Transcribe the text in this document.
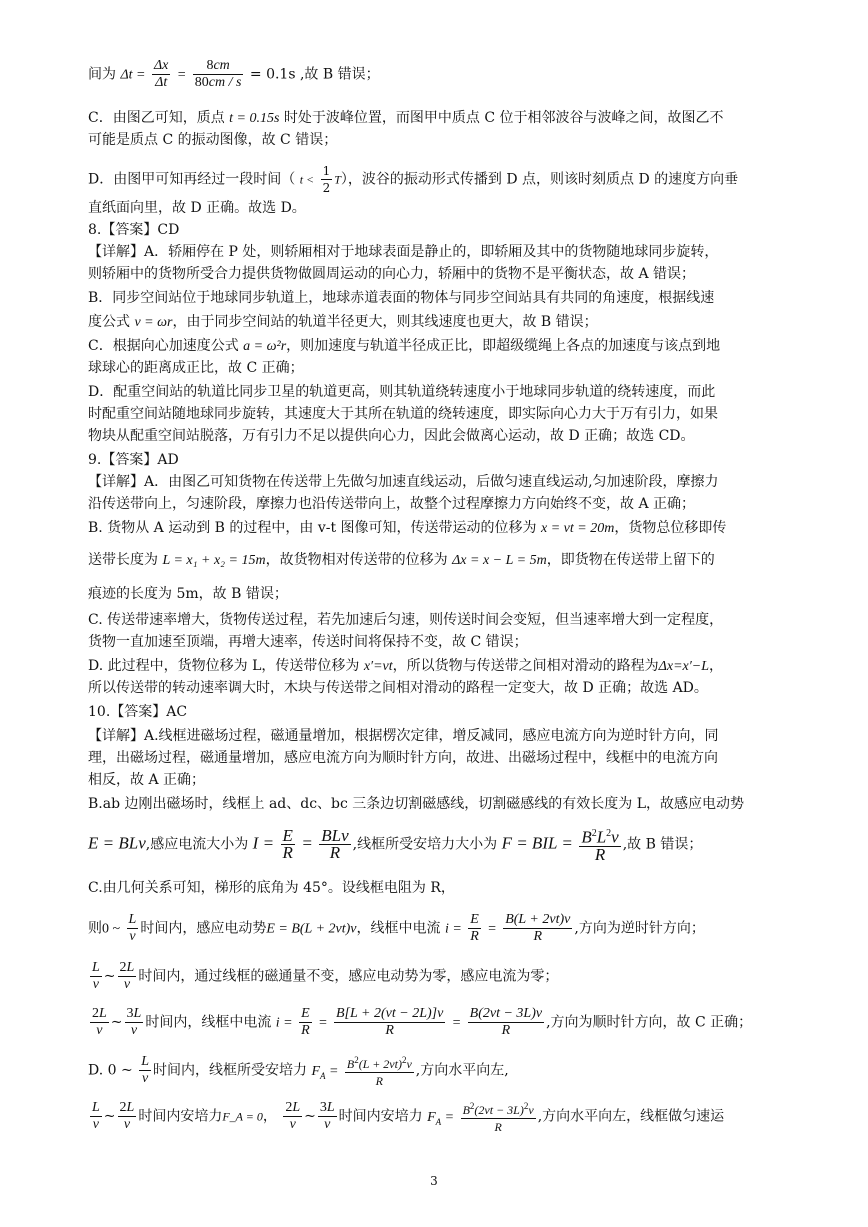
间为 $\Delta t = \frac{\Delta x}{\Delta t} = \frac{8cm}{80cm / s} = 0.1s$ ,故 B 错误；
C．由图乙可知，质点 t = 0.15s 时处于波峰位置，而图甲中质点 C 位于相邻波谷与波峰之间，故图乙不
可能是质点 C 的振动图像，故 C 错误；
D．由图甲可知再经过一段时间（ $t < \frac{1}{2} T$），波谷的振动形式传播到 D 点，则该时刻质点 D 的速度方向垂
直纸面向里，故 D 正确。故选 D。
8.【答案】CD
【详解】A．轿厢停在 P 处，则轿厢相对于地球表面是静止的，即轿厢及其中的货物随地球同步旋转，
则轿厢中的货物所受合力提供货物做圆周运动的向心力，轿厢中的货物不是平衡状态，故 A 错误；
B．同步空间站位于地球同步轨道上，地球赤道表面的物体与同步空间站具有共同的角速度，根据线速
度公式 v = ωr，由于同步空间站的轨道半径更大，则其线速度也更大，故 B 错误；
C．根据向心加速度公式 a = ω²r，则加速度与轨道半径成正比，即超级缆绳上各点的加速度与该点到地
球球心的距离成正比，故 C 正确；
D．配重空间站的轨道比同步卫星的轨道更高，则其轨道绕转速度小于地球同步轨道的绕转速度，而此
时配重空间站随地球同步旋转，其速度大于其所在轨道的绕转速度，即实际向心力大于万有引力，如果
物块从配重空间站脱落，万有引力不足以提供向心力，因此会做离心运动，故 D 正确；故选 CD。
9.【答案】AD
【详解】A．由图乙可知货物在传送带上先做匀加速直线运动，后做匀速直线运动,匀加速阶段，摩擦力
沿传送带向上，匀速阶段，摩擦力也沿传送带向上，故整个过程摩擦力方向始终不变，故 A 正确；
B. 货物从 A 运动到 B 的过程中，由 v-t 图像可知，传送带运动的位移为 x = vt = 20m，货物总位移即传
送带长度为 L = x₁ + x₂ = 15m，故货物相对传送带的位移为 Δx = x − L = 5m，即货物在传送带上留下的
痕迹的长度为 5m，故 B 错误；
C. 传送带速率增大，货物传送过程，若先加速后匀速，则传送时间会变短，但当速率增大到一定程度，
货物一直加速至顶端，再增大速率，传送时间将保持不变，故 C 错误；
D. 此过程中，货物位移为 L，传送带位移为 x′=vt，所以货物与传送带之间相对滑动的路程为Δx=x′−L，
所以传送带的转动速率调大时，木块与传送带之间相对滑动的路程一定变大，故 D 正确；故选 AD。
10.【答案】AC
【详解】A.线框进磁场过程，磁通量增加，根据楞次定律，增反减同，感应电流方向为逆时针方向，同
理，出磁场过程，磁通量增加，感应电流方向为顺时针方向，故进、出磁场过程中，线框中的电流方向
相反，故 A 正确；
B.ab 边刚出磁场时，线框上 ad、dc、bc 三条边切割磁感线，切割磁感线的有效长度为 L，故感应电动势
E = BLv,感应电流大小为 $I = \frac{E}{R} = \frac{\text{BLv}}{R}$ ,线框所受安培力大小为 F = BIL = $\frac{B^2L^2v}{R}$ ,故 B 错误；
C.由几何关系可知，梯形的底角为 45°。设线框电阻为 R，
则0 ~ $\frac{L}{v}$ 时间内，感应电动势E = B(L + 2vt)v，线框中电流 $i = \frac{E}{R} = \frac{B(L + 2vt)v}{R}$ ,方向为逆时针方向；
$\frac{L}{v}$ ~ $\frac{2L}{v}$ 时间内，通过线框的磁通量不变，感应电动势为零，感应电流为零；
$\frac{2L}{v}$ ~ $\frac{3L}{v}$ 时间内，线框中电流 $i = \frac{E}{R} = \frac{B[L + 2(vt - 2L)]v}{R} = \frac{B(2vt - 3L)v}{R}$ ,方向为顺时针方向，故 C 正确；
D. 0 ~ $\frac{L}{v}$ 时间内，线框所受安培力 $F_A = \frac{B^2(L + 2vt)^2v}{R}$ ,方向水平向左,
$\frac{L}{v}$ ~ $\frac{2L}{v}$ 时间内安培力F_A = 0， $\frac{2L}{v}$ ~ $\frac{3L}{v}$ 时间内安培力 $F_A = \frac{B^2(2vt - 3L)^2v}{R}$ ,方向水平向左，线框做匀速运
3
